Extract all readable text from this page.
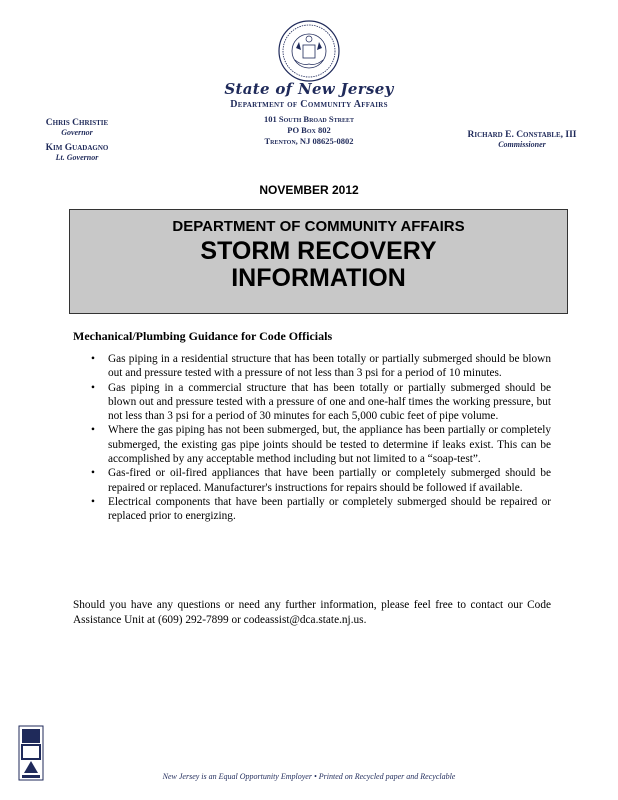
State of New Jersey
Department of Community Affairs
101 South Broad Street
PO Box 802
Trenton, NJ 08625-0802
Chris Christie
Governor
Kim Guadagno
Lt. Governor
Richard E. Constable, III
Commissioner
NOVEMBER 2012
DEPARTMENT OF COMMUNITY AFFAIRS
STORM RECOVERY
INFORMATION
Mechanical/Plumbing Guidance for Code Officials
• Gas piping in a residential structure that has been totally or partially submerged should be blown out and pressure tested with a pressure of not less than 3 psi for a period of 10 minutes.
• Gas piping in a commercial structure that has been totally or partially submerged should be blown out and pressure tested with a pressure of one and one-half times the working pressure, but not less than 3 psi for a period of 30 minutes for each 5,000 cubic feet of pipe volume.
• Where the gas piping has not been submerged, but, the appliance has been partially or completely submerged, the existing gas pipe joints should be tested to determine if leaks exist. This can be accomplished by any acceptable method including but not limited to a “soap-test”.
• Gas-fired or oil-fired appliances that have been partially or completely submerged should be repaired or replaced. Manufacturer's instructions for repairs should be followed if available.
• Electrical components that have been partially or completely submerged should be repaired or replaced prior to energizing.
Should you have any questions or need any further information, please feel free to contact our Code Assistance Unit at (609) 292-7899 or codeassist@dca.state.nj.us.
New Jersey is an Equal Opportunity Employer • Printed on Recycled paper and Recyclable
